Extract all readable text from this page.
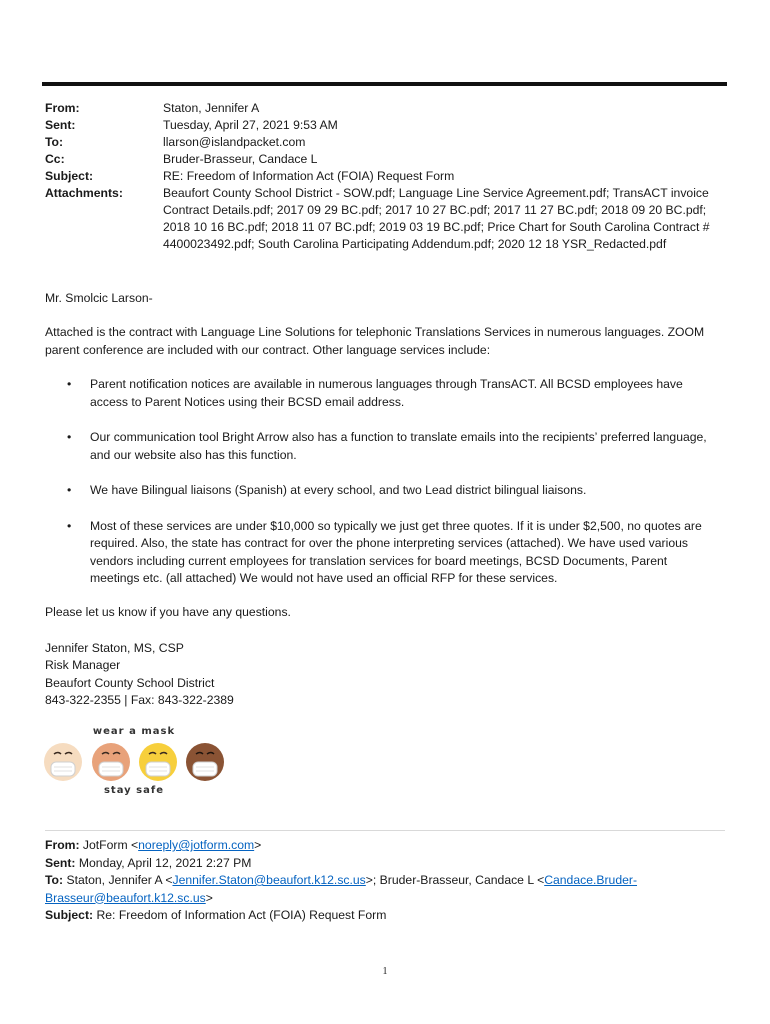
From:	Staton, Jennifer A
Sent:	Tuesday, April 27, 2021 9:53 AM
To:	llarson@islandpacket.com
Cc:	Bruder-Brasseur, Candace L
Subject:	RE: Freedom of Information Act (FOIA) Request Form
Attachments:	Beaufort County School District - SOW.pdf; Language Line Service Agreement.pdf; TransACT invoice Contract Details.pdf; 2017 09 29 BC.pdf; 2017 10 27 BC.pdf; 2017 11 27 BC.pdf; 2018 09 20 BC.pdf; 2018 10 16 BC.pdf; 2018 11 07 BC.pdf; 2019 03 19 BC.pdf; Price Chart for South Carolina Contract # 4400023492.pdf; South Carolina Participating Addendum.pdf; 2020 12 18 YSR_Redacted.pdf
Mr. Smolcic Larson-
Attached is the contract with Language Line Solutions for telephonic Translations Services in numerous languages. ZOOM parent conference are included with our contract. Other language services include:
• Parent notification notices are available in numerous languages through TransACT. All BCSD employees have access to Parent Notices using their BCSD email address.
• Our communication tool Bright Arrow also has a function to translate emails into the recipients’ preferred language, and our website also has this function.
• We have Bilingual liaisons (Spanish) at every school, and two Lead district bilingual liaisons.
• Most of these services are under $10,000 so typically we just get three quotes. If it is under $2,500, no quotes are required. Also, the state has contract for over the phone interpreting services (attached). We have used various vendors including current employees for translation services for board meetings, BCSD Documents, Parent meetings etc. (all attached) We would not have used an official RFP for these services.
Please let us know if you have any questions.
Jennifer Staton, MS, CSP
Risk Manager
Beaufort County School District
843-322-2355 | Fax: 843-322-2389
wear a mask
stay safe
From: JotForm <noreply@jotform.com>
Sent: Monday, April 12, 2021 2:27 PM
To: Staton, Jennifer A <Jennifer.Staton@beaufort.k12.sc.us>; Bruder-Brasseur, Candace L <Candace.Bruder-Brasseur@beaufort.k12.sc.us>
Subject: Re: Freedom of Information Act (FOIA) Request Form
1
